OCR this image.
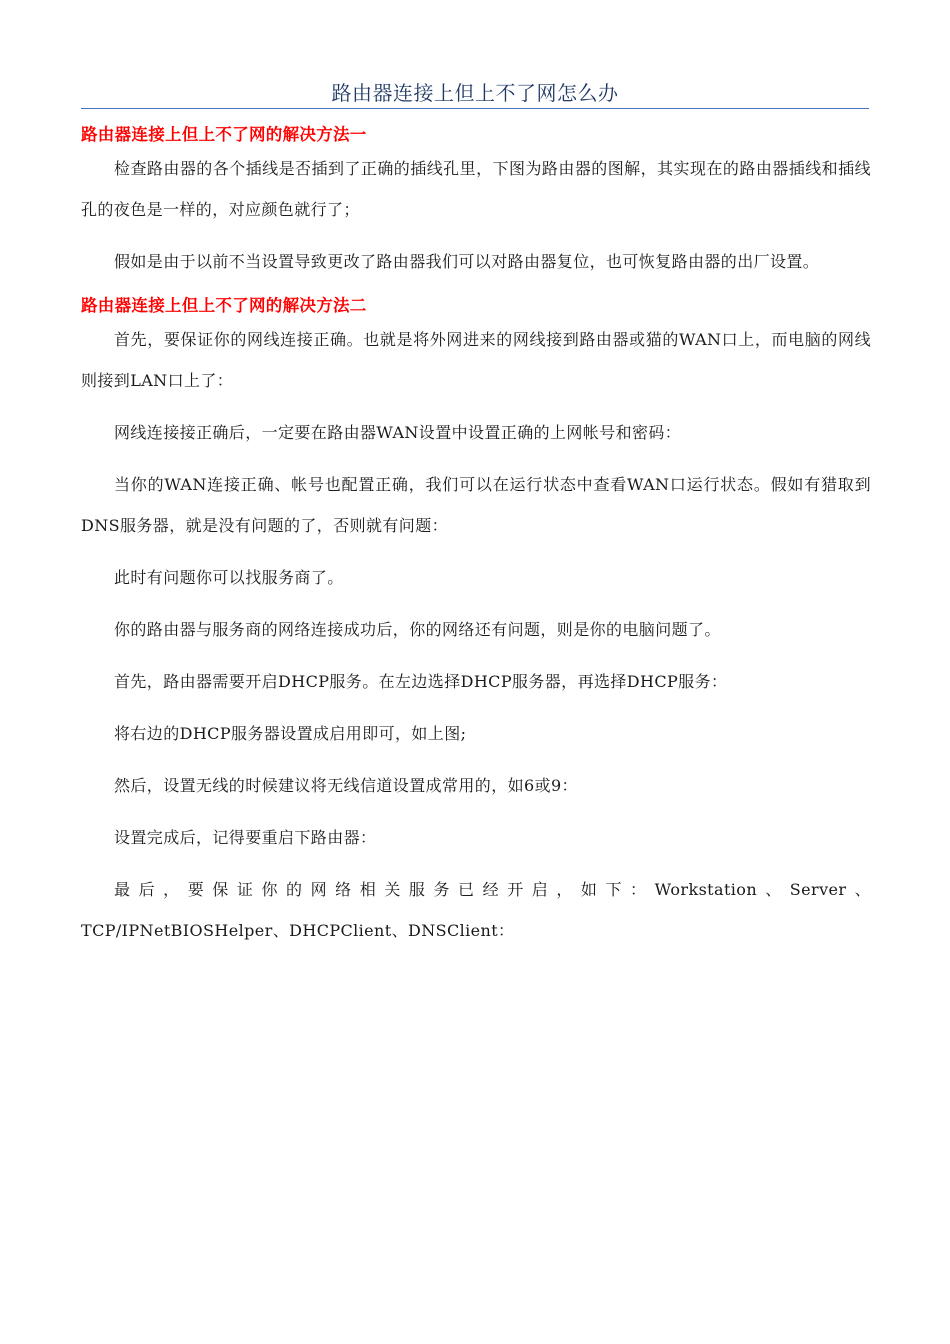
路由器连接上但上不了网怎么办
路由器连接上但上不了网的解决方法一

检查路由器的各个插线是否插到了正确的插线孔里，下图为路由器的图解，其实现在的路由器插线和插线孔的夜色是一样的，对应颜色就行了；

假如是由于以前不当设置导致更改了路由器我们可以对路由器复位，也可恢复路由器的出厂设置。

路由器连接上但上不了网的解决方法二

首先，要保证你的网线连接正确。也就是将外网进来的网线接到路由器或猫的WAN口上，而电脑的网线则接到LAN口上了：

网线连接接正确后，一定要在路由器WAN设置中设置正确的上网帐号和密码：

当你的WAN连接正确、帐号也配置正确，我们可以在运行状态中查看WAN口运行状态。假如有猎取到DNS服务器，就是没有问题的了，否则就有问题：

此时有问题你可以找服务商了。

你的路由器与服务商的网络连接成功后，你的网络还有问题，则是你的电脑问题了。

首先，路由器需要开启DHCP服务。在左边选择DHCP服务器，再选择DHCP服务：

将右边的DHCP服务器设置成启用即可，如上图;

然后，设置无线的时候建议将无线信道设置成常用的，如6或9：

设置完成后，记得要重启下路由器：

最后，要保证你的网络相关服务已经开启，如下：Workstation、Server、TCP/IPNetBIOSHelper、DHCPClient、DNSClient：
